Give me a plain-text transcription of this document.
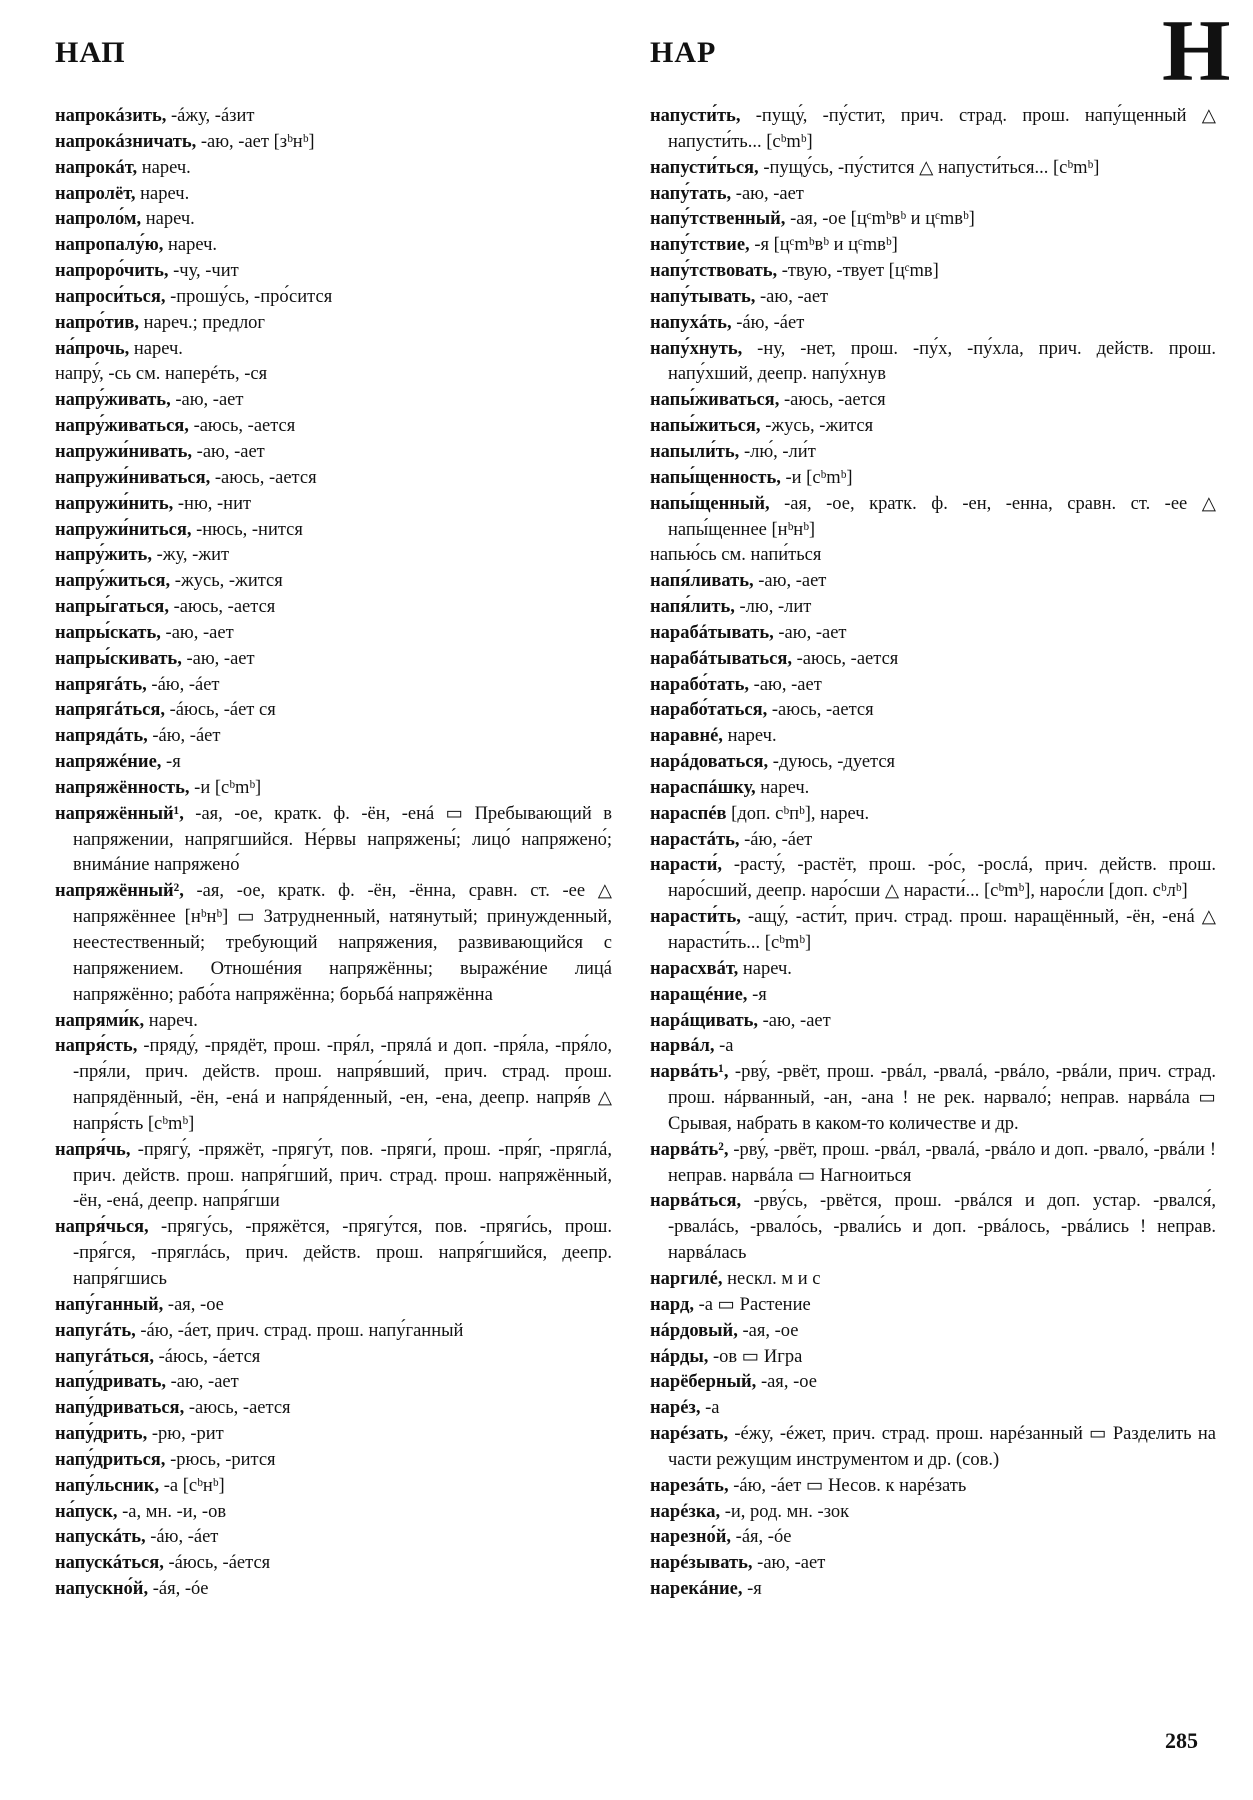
НАП	НАР	Н

напрокáзить, -áжу, -áзит

напрокáзничать, -аю, -ает [зᵇнᵇ]

напрокáт, нареч.

напролёт, нареч.

напроло́м, нареч.

напропалу́ю, нареч.

напроро́чить, -чу, -чит

напроси́ться, -прошу́сь, -про́сится

напро́тив, нареч.; предлог

на́прочь, нареч.

напру́, -сь см. наперéть, -ся

напру́живать, -аю, -ает

напру́живаться, -аюсь, -ается

напружи́нивать, -аю, -ает

напружи́ниваться, -аюсь, -ается

напружи́нить, -ню, -нит

напружи́ниться, -нюсь, -нится

напру́жить, -жу, -жит

напру́житься, -жусь, -жится

напры́гаться, -аюсь, -ается

напры́скать, -аю, -ает

напры́скивать, -аю, -ает

напрягáть, -áю, -áет

напрягáться, -áюсь, -áет ся

напрядáть, -áю, -áет

напряжéние, -я

напряжённость, -и [сᵇmᵇ]

напряжённый¹, -ая, -ое, кратк. ф. -ён, -енá ▭ Пребывающий в напряжении, напрягшийся. Не́рвы напряжены́; лицо́ напряжено́; внимáние напряжено́

напряжённый², -ая, -ое, кратк. ф. -ён, -ённа, сравн. ст. -ее △ напряжённее [нᵇнᵇ] ▭ Затрудненный, натянутый; принужденный, неестественный; требующий напряжения, развивающийся с напряжением. Отношéния напряжённы; выражéние лицá напряжённо; рабо́та напряжённа; борьбá напряжённа

напрями́к, нареч.

напря́сть, -пряду́, -прядёт, прош. -пря́л, -прялá и доп. -пря́ла, -пря́ло, -пря́ли, прич. действ. прош. напря́вший, прич. страд. прош. напрядённый, -ён, -енá и напря́денный, -ен, -ена, деепр. напря́в △ напря́сть [сᵇmᵇ]

напря́чь, -прягу́, -пряжёт, -прягу́т, пов. -пряги́, прош. -пря́г, -пряглá, прич. действ. прош. напря́гший, прич. страд. прош. напряжённый, -ён, -енá, деепр. напря́гши

напря́чься, -прягу́сь, -пряжётся, -прягу́тся, пов. -пряги́сь, прош. -пря́гся, -пряглáсь, прич. действ. прош. напря́гшийся, деепр. напря́гшись

напу́ганный, -ая, -ое

напугáть, -áю, -áет, прич. страд. прош. напу́ганный

напугáться, -áюсь, -áется

напу́дривать, -аю, -ает

напу́дриваться, -аюсь, -ается

напу́дрить, -рю, -рит

напу́дриться, -рюсь, -рится

напу́льсник, -а [сᵇнᵇ]

на́пуск, -а, мн. -и, -ов

напускáть, -áю, -áет

напускáться, -áюсь, -áется

напускно́й, -áя, -óе

напусти́ть, -пущу́, -пу́стит, прич. страд. прош. напу́щенный △ напусти́ть... [сᵇmᵇ]

напусти́ться, -пущу́сь, -пу́стится △ напусти́ться... [сᵇmᵇ]

напу́тать, -аю, -ает

напу́тственный, -ая, -ое [цᶜmᵇвᵇ и цᶜmвᵇ]

напу́тствие, -я [цᶜmᵇвᵇ и цᶜmвᵇ]

напу́тствовать, -твую, -твует [цᶜmв]

напу́тывать, -аю, -ает

напухáть, -áю, -áет

напу́хнуть, -ну, -нет, прош. -пу́х, -пу́хла, прич. действ. прош. напу́хший, деепр. напу́хнув

напы́живаться, -аюсь, -ается

напы́житься, -жусь, -жится

напыли́ть, -лю́, -ли́т

напы́щенность, -и [сᵇmᵇ]

напы́щенный, -ая, -ое, кратк. ф. -ен, -енна, сравн. ст. -ее △ напы́щеннее [нᵇнᵇ]

напью́сь см. напи́ться

напя́ливать, -аю, -ает

напя́лить, -лю, -лит

нарабáтывать, -аю, -ает

нарабáтываться, -аюсь, -ается

нарабо́тать, -аю, -ает

нарабо́таться, -аюсь, -ается

наравнé, нареч.

нарáдоваться, -дуюсь, -дуется

нараспáшку, нареч.

нараспéв [доп. сᵇпᵇ], нареч.

нарастáть, -áю, -áет

нарасти́, -расту́, -растёт, прош. -ро́с, -рослá, прич. действ. прош. наро́сший, деепр. наро́сши △ нарасти́... [сᵇmᵇ], нарос́ли [доп. сᵇлᵇ]

нарасти́ть, -ащу́, -асти́т, прич. страд. прош. наращённый, -ён, -енá △ нарасти́ть... [сᵇmᵇ]

нарасхвáт, нареч.

наращéние, -я

нарáщивать, -аю, -ает

нарвáл, -а

нарвáть¹, -рву́, -рвёт, прош. -рвáл, -рвалá, -рвáло, -рвáли, прич. страд. прош. нáрванный, -ан, -ана ! не рек. нарвало́; неправ. нарвáла ▭ Срывая, набрать в каком-то количестве и др.

нарвáть², -рву́, -рвёт, прош. -рвáл, -рвалá, -рвáло и доп. -рвало́, -рвáли ! неправ. нарвáла ▭ Нагноиться

нарвáться, -рву́сь, -рвётся, прош. -рвáлся и доп. устар. -рвался́, -рвалáсь, -рвало́сь, -рвали́сь и доп. -рвáлось, -рвáлись ! неправ. нарвáлась

наргилé, нескл. м и с

нард, -а ▭ Растение

нáрдовый, -ая, -ое

нáрды, -ов ▭ Игра

нарёберный, -ая, -ое

нарéз, -а

нарéзать, -éжу, -éжет, прич. страд. прош. нарéзанный ▭ Разделить на части режущим инструментом и др. (сов.)

нарезáть, -áю, -áет ▭ Несов. к нарéзать

нарéзка, -и, род. мн. -зок

нарезно́й, -áя, -óе

нарéзывать, -аю, -ает

нарекáние, -я

285
